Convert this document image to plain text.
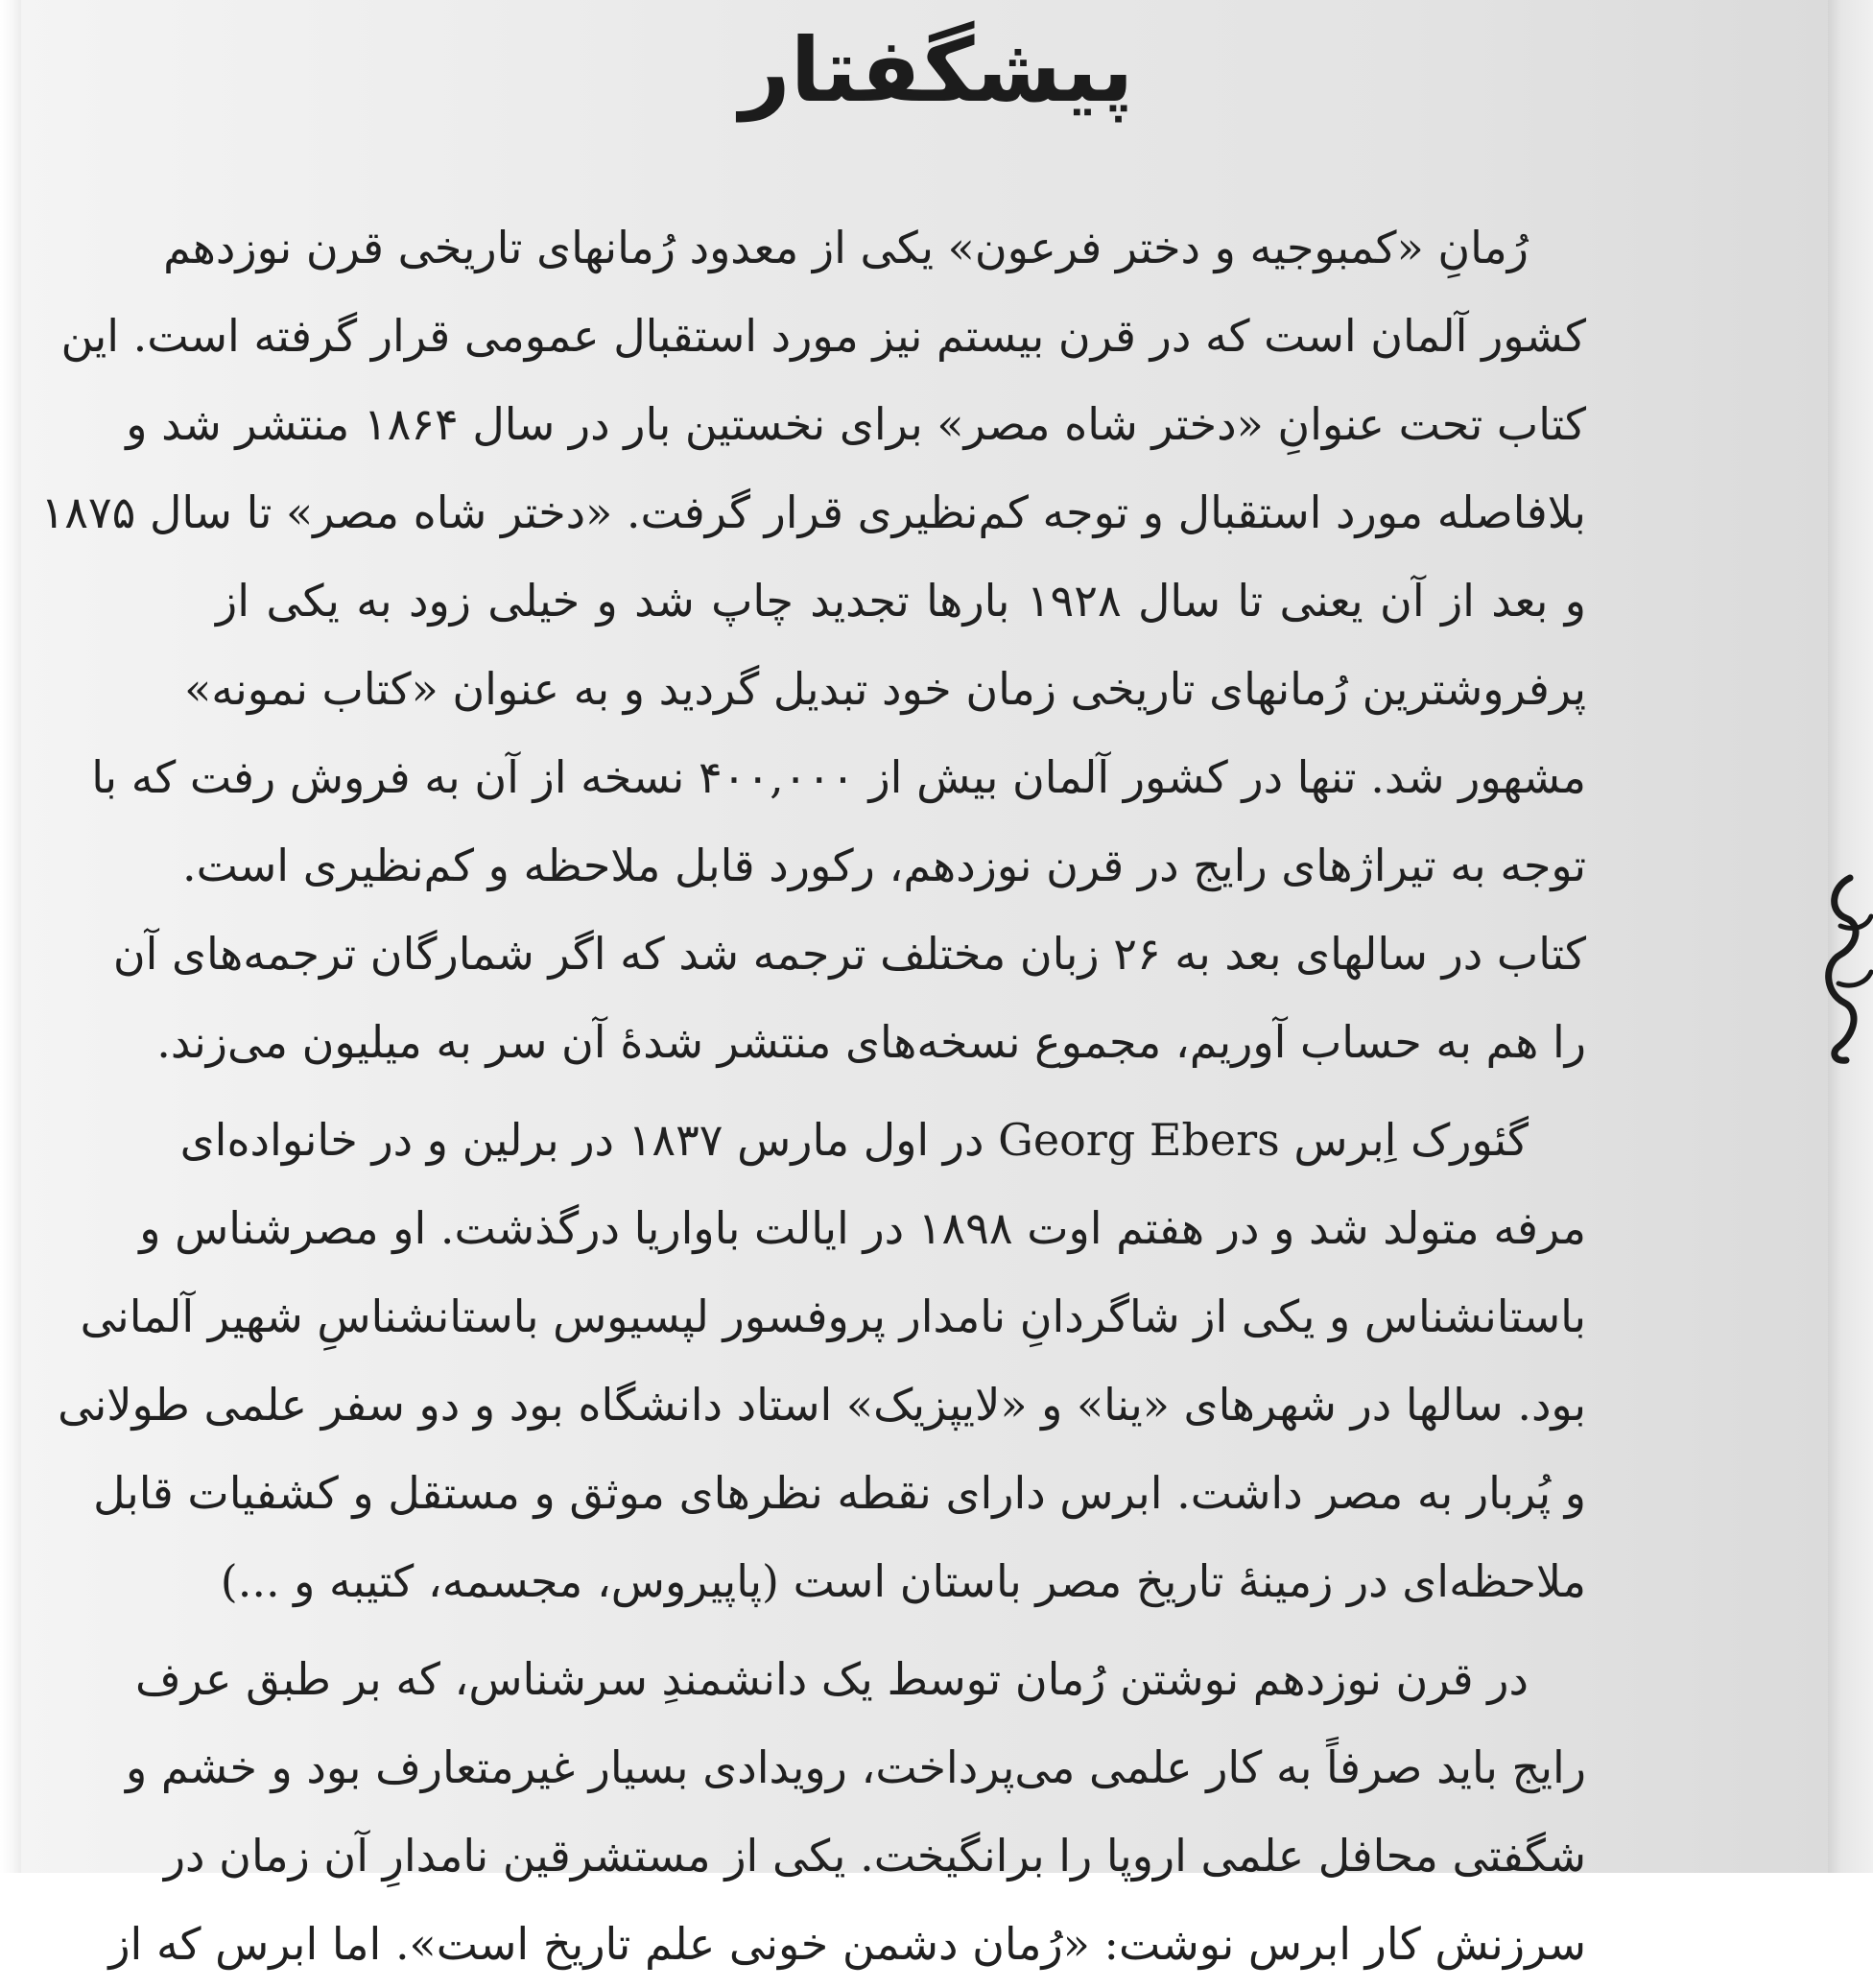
پیشگفتار
رُمانِ «کمبوجیه و دختر فرعون» یکی از معدود رُمانهای تاریخی قرن نوزدهم
کشور آلمان است که در قرن بیستم نیز مورد استقبال عمومی قرار گرفته است. این
کتاب تحت عنوانِ «دختر شاه مصر» برای نخستین بار در سال ۱۸۶۴ منتشر شد و
بلافاصله مورد استقبال و توجه کم‌نظیری قرار گرفت. «دختر شاه مصر» تا سال ۱۸۷۵
و بعد از آن یعنی تا سال ۱۹۲۸ بارها تجدید چاپ شد و خیلی زود به یکی از
پرفروشترین رُمانهای تاریخی زمان خود تبدیل گردید و به عنوان «کتاب نمونه»
مشهور شد. تنها در کشور آلمان بیش از ۴۰۰,۰۰۰ نسخه از آن به فروش رفت که با
توجه به تیراژهای رایج در قرن نوزدهم، رکورد قابل ملاحظه و کم‌نظیری است.
کتاب در سالهای بعد به ۲۶ زبان مختلف ترجمه شد که اگر شمارگان ترجمه‌های آن
را هم به حساب آوریم، مجموع نسخه‌های منتشر شدهٔ آن سر به میلیون می‌زند.
گئورک اِبرس Georg Ebers در اول مارس ۱۸۳۷ در برلین و در خانواده‌ای
مرفه متولد شد و در هفتم اوت ۱۸۹۸ در ایالت باواریا درگذشت. او مصرشناس و
باستانشناس و یکی از شاگردانِ نامدار پروفسور لپسیوس باستانشناسِ شهیر آلمانی
بود. سالها در شهرهای «ینا» و «لایپزیک» استاد دانشگاه بود و دو سفر علمی طولانی
و پُربار به مصر داشت. ابرس دارای نقطه نظرهای موثق و مستقل و کشفیات قابل
ملاحظه‌ای در زمینهٔ تاریخ مصر باستان است (پاپیروس، مجسمه، کتیبه و ...)
در قرن نوزدهم نوشتن رُمان توسط یک دانشمندِ سرشناس، که بر طبق عرف
رایج باید صرفاً به کار علمی می‌پرداخت، رویدادی بسیار غیرمتعارف بود و خشم و
شگفتی محافل علمی اروپا را برانگیخت. یکی از مستشرقین نامدارِ آن زمان در
سرزنش کار ابرس نوشت: «رُمان دشمن خونی علم تاریخ است». اما ابرس که از
